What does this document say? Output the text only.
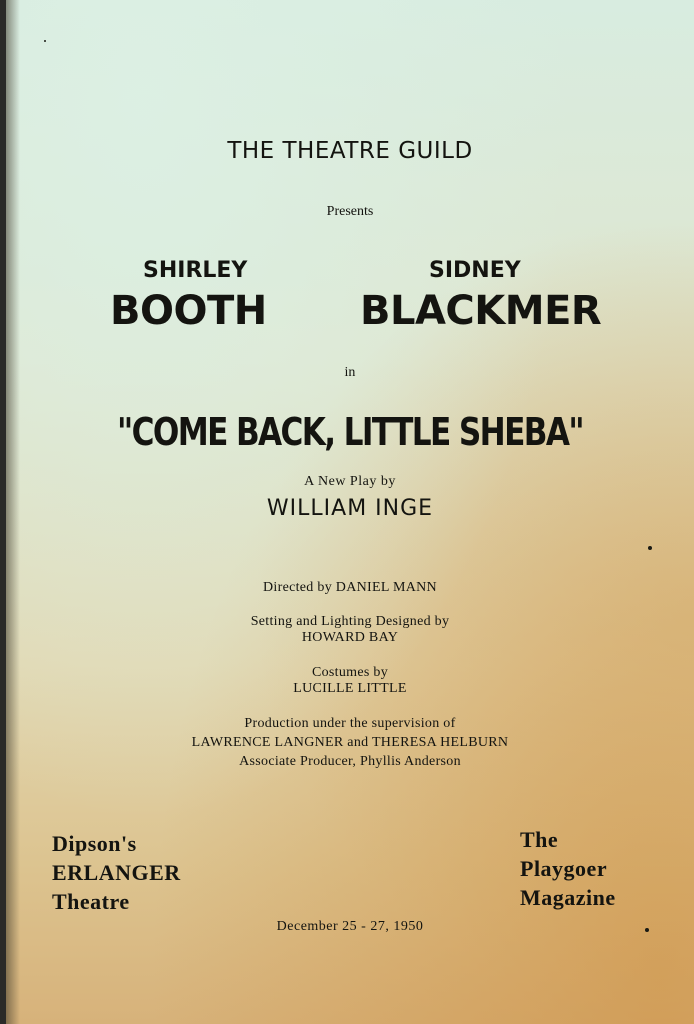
THE THEATRE GUILD
Presents
SHIRLEY
BOOTH
SIDNEY
BLACKMER
in
"COME BACK, LITTLE SHEBA"
A New Play by
WILLIAM INGE
Directed by DANIEL MANN
Setting and Lighting Designed by
HOWARD BAY
Costumes by
LUCILLE LITTLE
Production under the supervision of
LAWRENCE LANGNER and THERESA HELBURN
Associate Producer, Phyllis Anderson
Dipson's
ERLANGER
Theatre
The
Playgoer
Magazine
December 25 - 27, 1950
